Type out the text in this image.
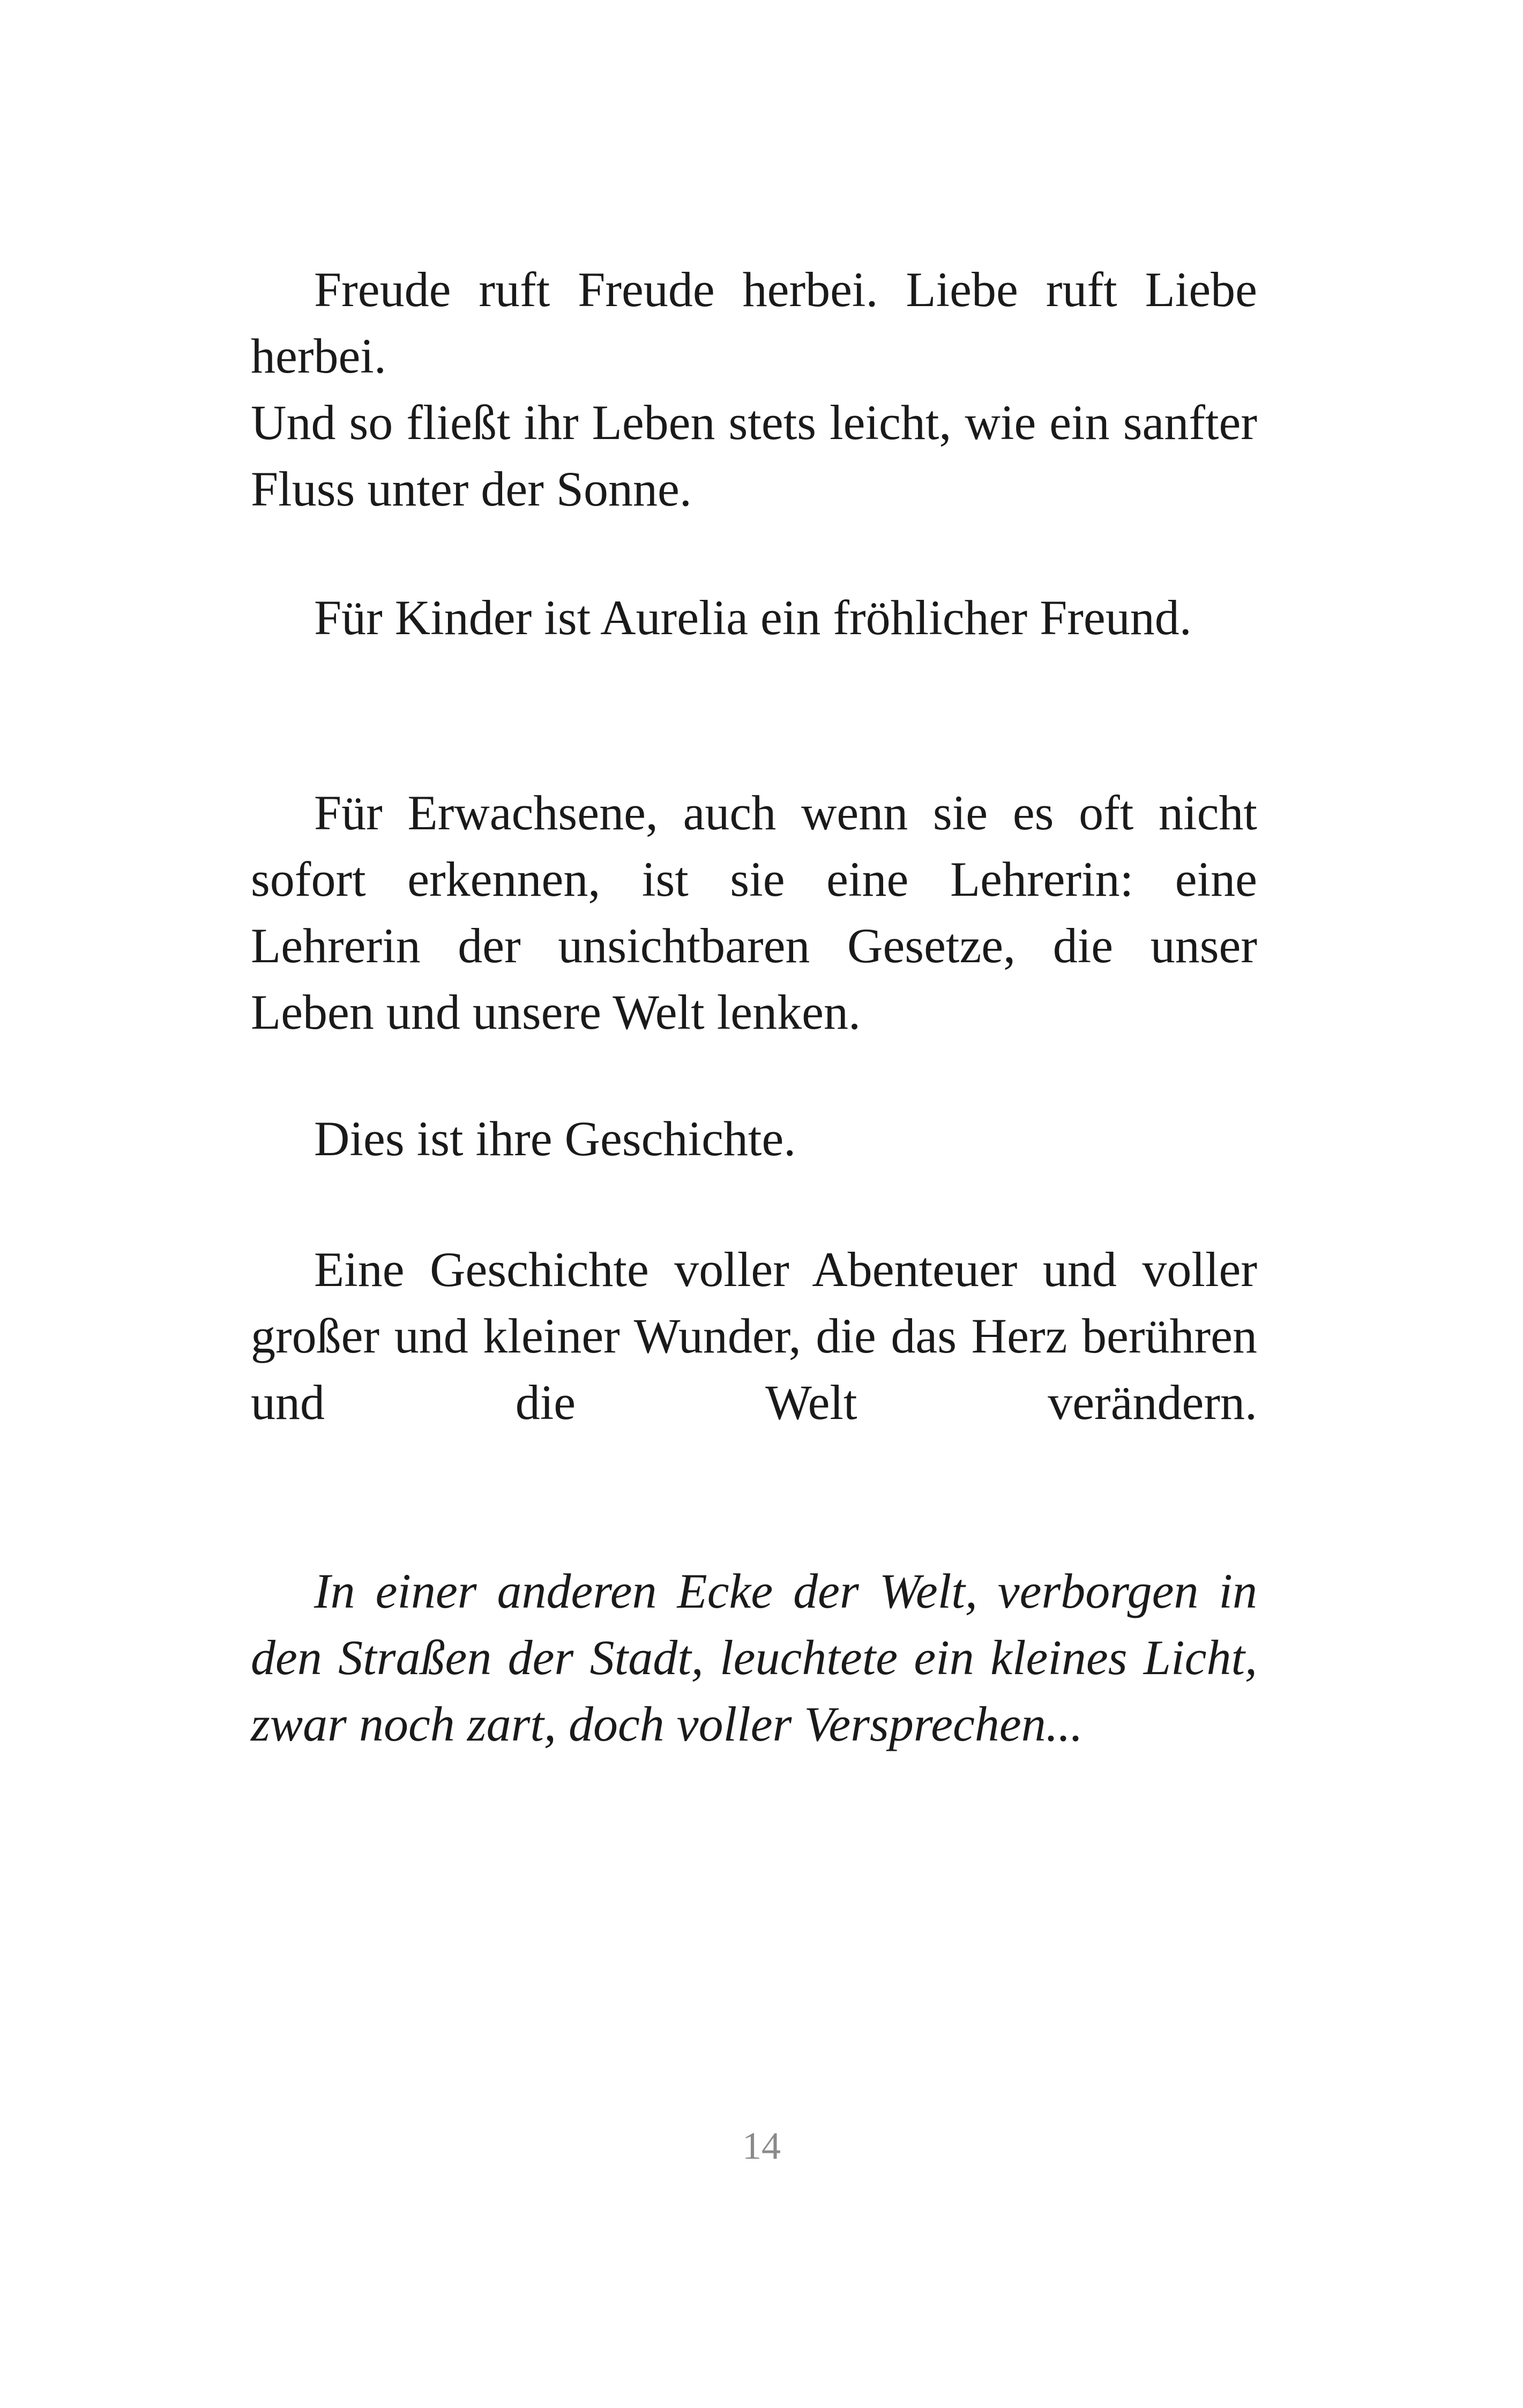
Freude ruft Freude herbei. Liebe ruft Liebe herbei.

Und so fließt ihr Leben stets leicht, wie ein sanfter Fluss unter der Sonne.

Für Kinder ist Aurelia ein fröhlicher Freund.

Für Erwachsene, auch wenn sie es oft nicht sofort erkennen, ist sie eine Lehrerin: eine Lehrerin der unsichtbaren Gesetze, die unser Leben und unsere Welt lenken.

Dies ist ihre Geschichte.

Eine Geschichte voller Abenteuer und voller großer und kleiner Wunder, die das Herz berühren und die Welt verändern.

In einer anderen Ecke der Welt, verborgen in den Straßen der Stadt, leuchtete ein kleines Licht, zwar noch zart, doch voller Versprechen...

14
